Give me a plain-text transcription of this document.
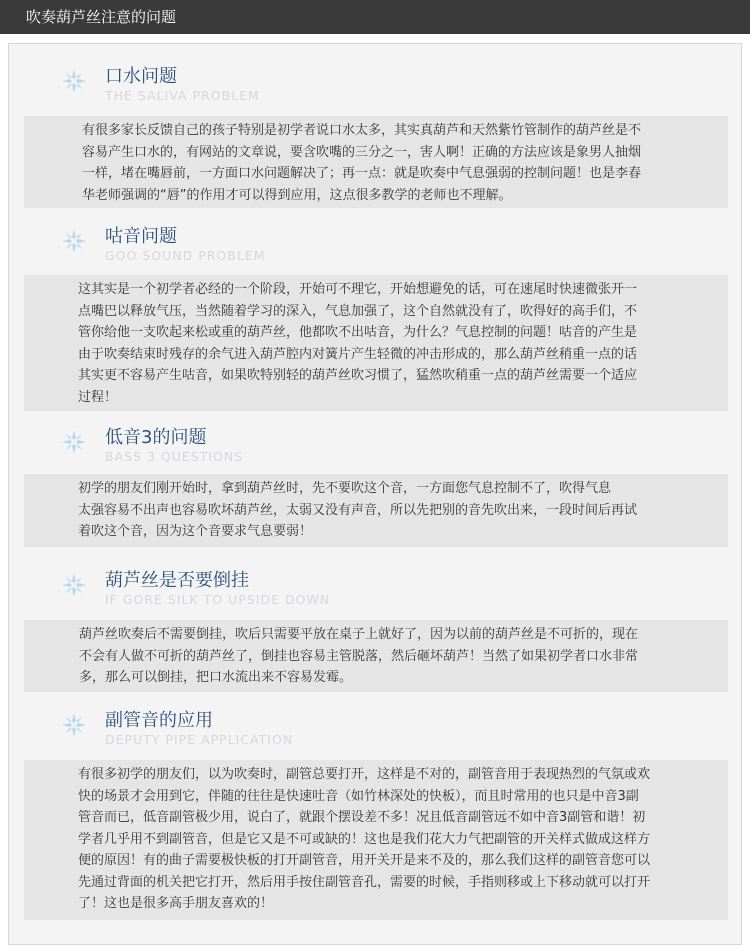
吹奏葫芦丝注意的问题
口水问题
THE SALIVA PROBLEM

有很多家长反馈自己的孩子特别是初学者说口水太多，其实真葫芦和天然紫竹管制作的葫芦丝是不

容易产生口水的，有网站的文章说，要含吹嘴的三分之一，害人啊！正确的方法应该是象男人抽烟

一样，堵在嘴唇前，一方面口水问题解决了；再一点：就是吹奏中气息强弱的控制问题！也是李春

华老师强调的“唇”的作用才可以得到应用，这点很多教学的老师也不理解。

咕音问题
GOO SOUND PROBLEM

这其实是一个初学者必经的一个阶段，开始可不理它，开始想避免的话，可在速尾时快速微张开一

点嘴巴以释放气压，当然随着学习的深入，气息加强了，这个自然就没有了，吹得好的高手们，不

管你给他一支吹起来松或重的葫芦丝，他都吹不出咕音，为什么？气息控制的问题！咕音的产生是

由于吹奏结束时残存的余气进入葫芦腔内对簧片产生轻微的冲击形成的，那么葫芦丝稍重一点的话

其实更不容易产生咕音，如果吹特别轻的葫芦丝吹习惯了，猛然吹稍重一点的葫芦丝需要一个适应

过程！

低音3的问题
BASS 3 QUESTIONS

初学的朋友们刚开始时，拿到葫芦丝时，先不要吹这个音，一方面您气息控制不了，吹得气息

太强容易不出声也容易吹坏葫芦丝，太弱又没有声音，所以先把别的音先吹出来，一段时间后再试

着吹这个音，因为这个音要求气息要弱！

葫芦丝是否要倒挂
IF GORE SILK TO UPSIDE DOWN

葫芦丝吹奏后不需要倒挂，吹后只需要平放在桌子上就好了，因为以前的葫芦丝是不可折的，现在

不会有人做不可折的葫芦丝了，倒挂也容易主管脱落，然后砸坏葫芦！当然了如果初学者口水非常

多，那么可以倒挂，把口水流出来不容易发霉。

副管音的应用
DEPUTY PIPE APPLICATION

有很多初学的朋友们，以为吹奏时，副管总要打开，这样是不对的，副管音用于表现热烈的气氛或欢

快的场景才会用到它，伴随的往往是快速吐音（如竹林深处的快板），而且时常用的也只是中音3副

管音而已，低音副管极少用，说白了，就跟个摆设差不多！况且低音副管远不如中音3副管和谐！初

学者几乎用不到副管音，但是它又是不可或缺的！这也是我们花大力气把副管的开关样式做成这样方

便的原因！有的曲子需要极快板的打开副管音，用开关开是来不及的，那么我们这样的副管音您可以

先通过背面的机关把它打开，然后用手按住副管音孔，需要的时候，手指则移或上下移动就可以打开

了！这也是很多高手朋友喜欢的！
